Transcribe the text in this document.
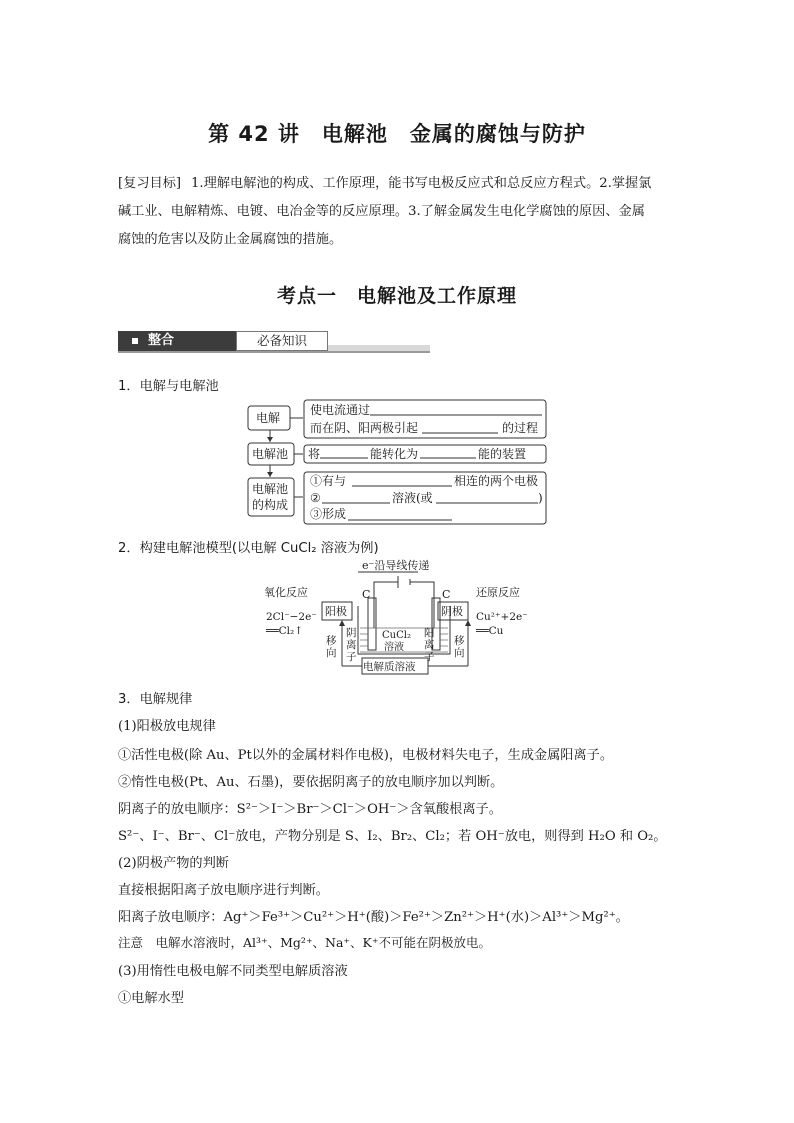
第 42 讲　电解池　金属的腐蚀与防护
[复习目标] 1.理解电解池的构成、工作原理，能书写电极反应式和总反应方程式。2.掌握氯
碱工业、电解精炼、电镀、电冶金等的反应原理。3.了解金属发生电化学腐蚀的原因、金属
腐蚀的危害以及防止金属腐蚀的措施。
考点一　电解池及工作原理
整合	必备知识
1．电解与电解池
电解
电解池
电解池
的构成
使电流通过
而在阴、阳两极引起	的过程
将	能转化为	能的装置
①有与	相连的两个电极
②	溶液(或	)
③形成
2．构建电解池模型(以电解 CuCl₂ 溶液为例)
e⁻沿导线传递
氧化反应
2Cl⁻−2e⁻
══Cl₂↑
阳极	阴极
还原反应
Cu²⁺+2e⁻
══Cu
C	C
CuCl₂
溶液
电解质溶液
移
向
阴
离
子
移
向
阳
离
子
3．电解规律
(1)阳极放电规律
①活性电极(除 Au、Pt以外的金属材料作电极)，电极材料失电子，生成金属阳离子。
②惰性电极(Pt、Au、石墨)，要依据阴离子的放电顺序加以判断。
阴离子的放电顺序：S²⁻＞I⁻＞Br⁻＞Cl⁻＞OH⁻＞含氧酸根离子。
S²⁻、I⁻、Br⁻、Cl⁻放电，产物分别是 S、I₂、Br₂、Cl₂；若 OH⁻放电，则得到 H₂O 和 O₂。
(2)阴极产物的判断
直接根据阳离子放电顺序进行判断。
阳离子放电顺序：Ag⁺＞Fe³⁺＞Cu²⁺＞H⁺(酸)＞Fe²⁺＞Zn²⁺＞H⁺(水)＞Al³⁺＞Mg²⁺。
注意　电解水溶液时，Al³⁺、Mg²⁺、Na⁺、K⁺不可能在阴极放电。
(3)用惰性电极电解不同类型电解质溶液
①电解水型
